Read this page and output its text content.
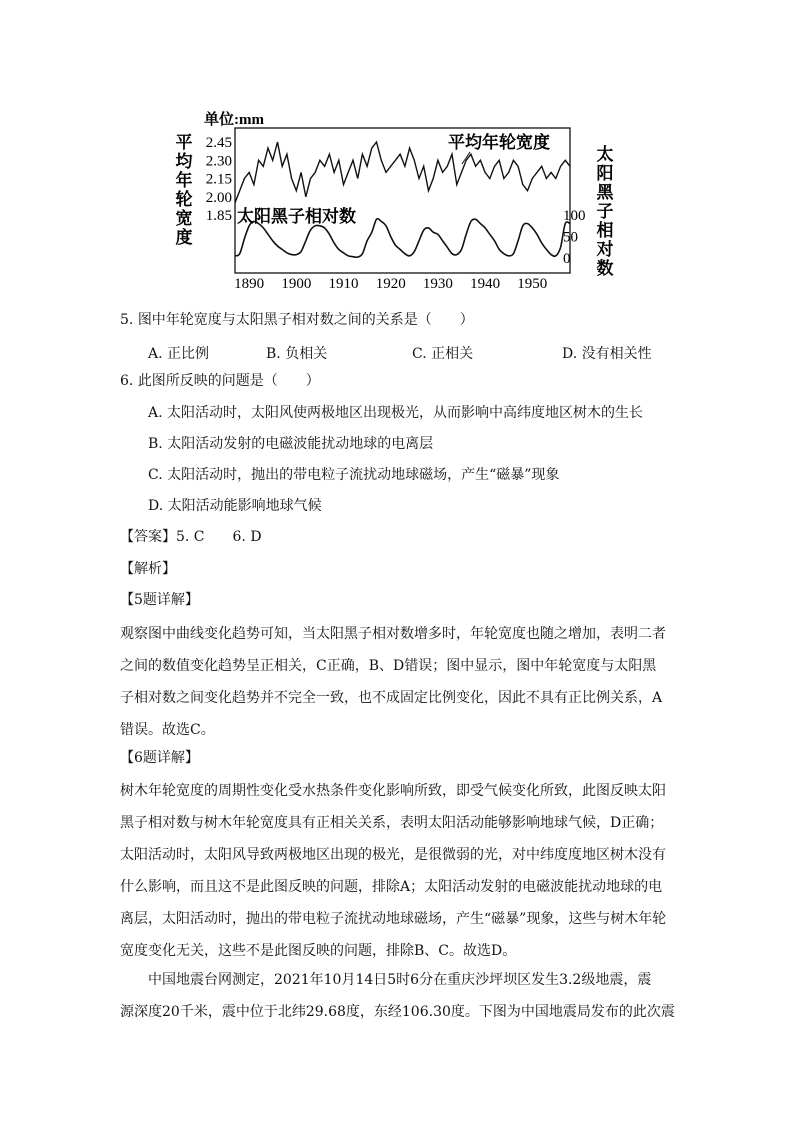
单位:mm
平
均
年
轮
宽
度
太
阳
黑
子
相
对
数
2.45
2.30
2.15
2.00
1.85	100
50
0
1890 1900 1910 1920 1930 1940 1950
平均年轮宽度
太阳黑子相对数
5. 图中年轮宽度与太阳黑子相对数之间的关系是（　　）
A. 正比例	B. 负相关	C. 正相关	D. 没有相关性
6. 此图所反映的问题是（　　）
A. 太阳活动时，太阳风使两极地区出现极光，从而影响中高纬度地区树木的生长
B. 太阳活动发射的电磁波能扰动地球的电离层
C. 太阳活动时，抛出的带电粒子流扰动地球磁场，产生“磁暴”现象
D. 太阳活动能影响地球气候
【答案】5. C　　6. D
【解析】
【5题详解】

观察图中曲线变化趋势可知，当太阳黑子相对数增多时，年轮宽度也随之增加，表明二者

之间的数值变化趋势呈正相关，C正确，B、D错误；图中显示，图中年轮宽度与太阳黑

子相对数之间变化趋势并不完全一致，也不成固定比例变化，因此不具有正比例关系，A

错误。故选C。

【6题详解】

树木年轮宽度的周期性变化受水热条件变化影响所致，即受气候变化所致，此图反映太阳

黑子相对数与树木年轮宽度具有正相关关系，表明太阳活动能够影响地球气候，D正确；

太阳活动时，太阳风导致两极地区出现的极光，是很微弱的光，对中纬度度地区树木没有

什么影响，而且这不是此图反映的问题，排除A；太阳活动发射的电磁波能扰动地球的电

离层，太阳活动时，抛出的带电粒子流扰动地球磁场，产生“磁暴”现象，这些与树木年轮

宽度变化无关，这些不是此图反映的问题，排除B、C。故选D。

　　中国地震台网测定，2021年10月14日5时6分在重庆沙坪坝区发生3.2级地震，震

源深度20千米，震中位于北纬29.68度，东经106.30度。下图为中国地震局发布的此次震
